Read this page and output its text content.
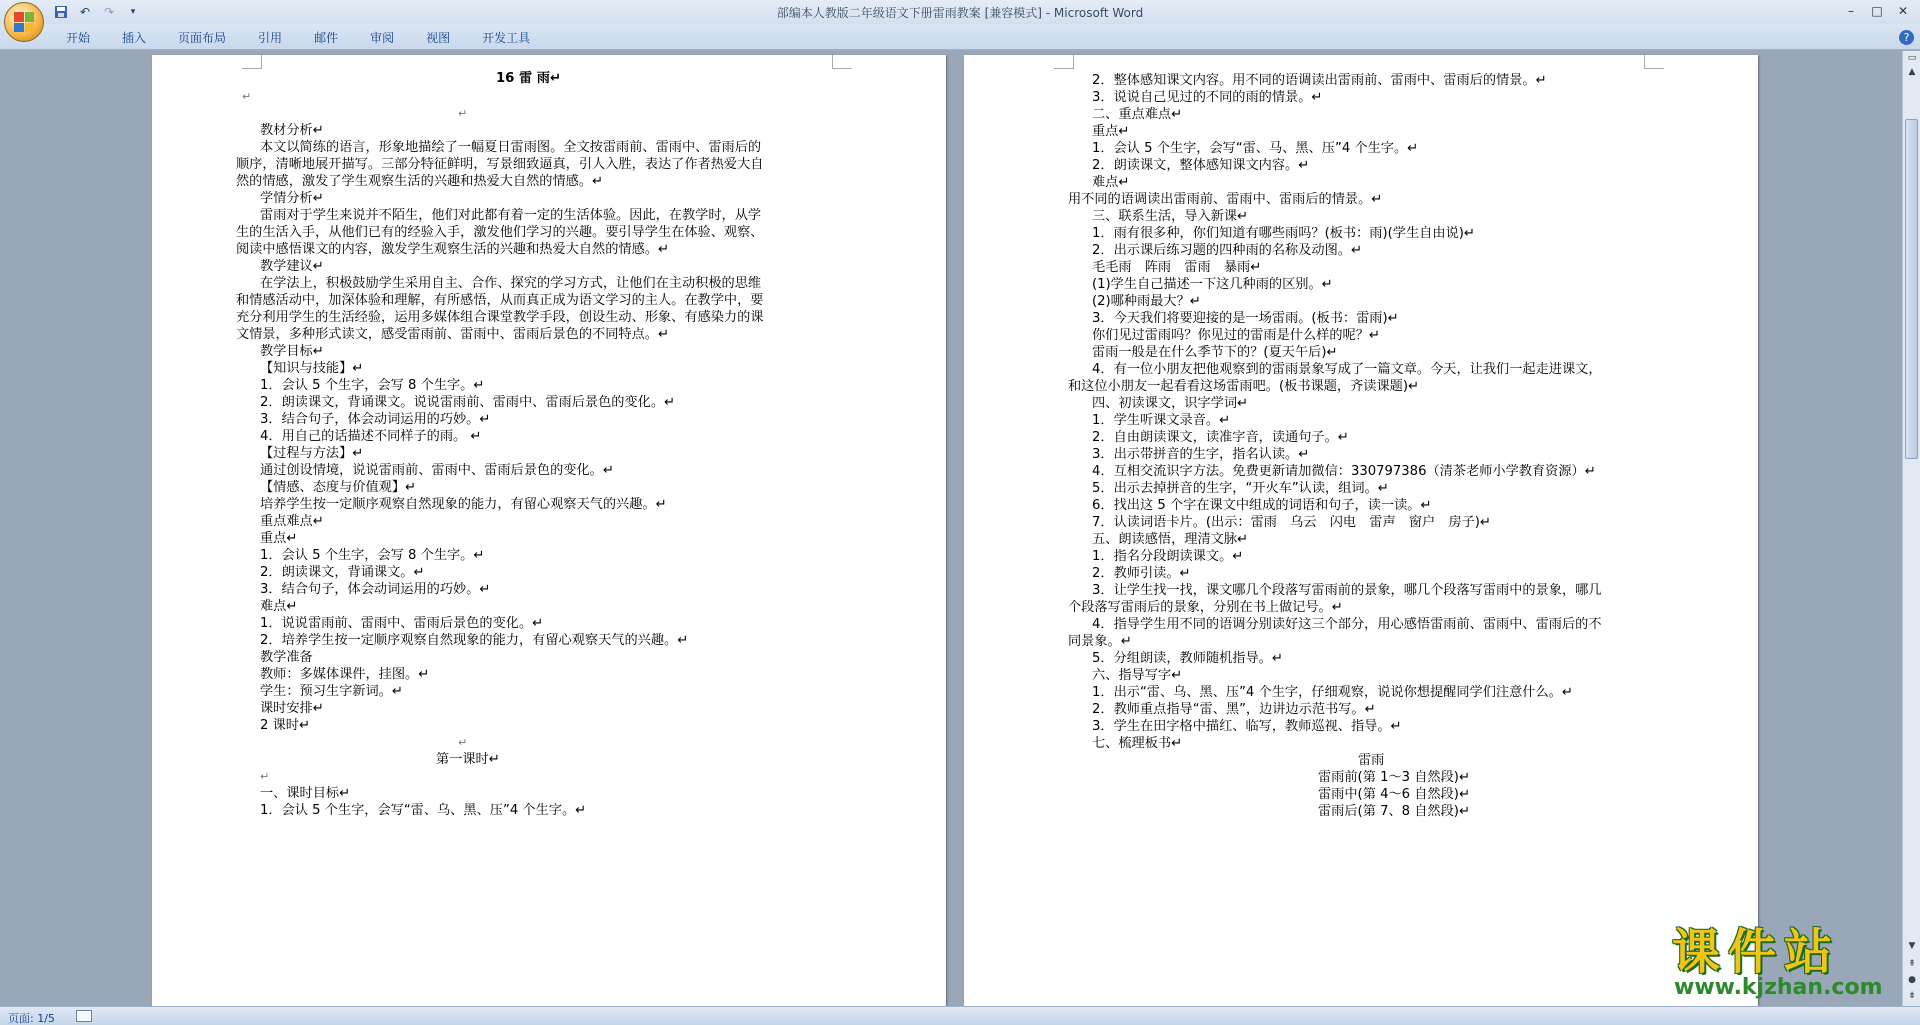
↶	↷	▾	部编本人教版二年级语文下册雷雨教案 [兼容模式] - Microsoft Word	–	□	✕
开始	插入	页面布局	引用	邮件	审阅	视图	开发工具	?
16 雷 雨↵
↵
↵
教材分析↵
本文以简练的语言，形象地描绘了一幅夏日雷雨图。全文按雷雨前、雷雨中、雷雨后的
顺序，清晰地展开描写。三部分特征鲜明，写景细致逼真，引人入胜，表达了作者热爱大自
然的情感，激发了学生观察生活的兴趣和热爱大自然的情感。↵
学情分析↵
雷雨对于学生来说并不陌生，他们对此都有着一定的生活体验。因此，在教学时，从学
生的生活入手，从他们已有的经验入手，激发他们学习的兴趣。要引导学生在体验、观察、
阅读中感悟课文的内容，激发学生观察生活的兴趣和热爱大自然的情感。↵
教学建议↵
在学法上，积极鼓励学生采用自主、合作、探究的学习方式，让他们在主动积极的思维
和情感活动中，加深体验和理解，有所感悟，从而真正成为语文学习的主人。在教学中，要
充分利用学生的生活经验，运用多媒体组合课堂教学手段，创设生动、形象、有感染力的课
文情景，多种形式读文，感受雷雨前、雷雨中、雷雨后景色的不同特点。↵
教学目标↵
【知识与技能】↵
1．会认 5 个生字，会写 8 个生字。↵
2．朗读课文，背诵课文。说说雷雨前、雷雨中、雷雨后景色的变化。↵
3．结合句子，体会动词运用的巧妙。↵
4．用自己的话描述不同样子的雨。 ↵
【过程与方法】↵
通过创设情境，说说雷雨前、雷雨中、雷雨后景色的变化。↵
【情感、态度与价值观】↵
培养学生按一定顺序观察自然现象的能力，有留心观察天气的兴趣。↵
重点难点↵
重点↵
1．会认 5 个生字，会写 8 个生字。↵
2．朗读课文，背诵课文。↵
3．结合句子，体会动词运用的巧妙。↵
难点↵
1．说说雷雨前、雷雨中、雷雨后景色的变化。↵
2．培养学生按一定顺序观察自然现象的能力，有留心观察天气的兴趣。↵
教学准备
教师：多媒体课件，挂图。↵
学生：预习生字新词。↵
课时安排↵
2 课时↵
↵
第一课时↵
↵
一、课时目标↵
1．会认 5 个生字，会写“雷、乌、黑、压”4 个生字。↵
2．整体感知课文内容。用不同的语调读出雷雨前、雷雨中、雷雨后的情景。↵
3．说说自己见过的不同的雨的情景。↵
二、重点难点↵
重点↵
1．会认 5 个生字，会写“雷、马、黑、压”4 个生字。↵
2．朗读课文，整体感知课文内容。↵
难点↵
用不同的语调读出雷雨前、雷雨中、雷雨后的情景。↵
三、联系生活，导入新课↵
1．雨有很多种，你们知道有哪些雨吗？(板书：雨)(学生自由说)↵
2．出示课后练习题的四种雨的名称及动图。↵
毛毛雨　阵雨　雷雨　暴雨↵
(1)学生自己描述一下这几种雨的区别。↵
(2)哪种雨最大？↵
3．今天我们将要迎接的是一场雷雨。(板书：雷雨)↵
你们见过雷雨吗？你见过的雷雨是什么样的呢？↵
雷雨一般是在什么季节下的？(夏天午后)↵
4．有一位小朋友把他观察到的雷雨景象写成了一篇文章。今天，让我们一起走进课文，
和这位小朋友一起看看这场雷雨吧。(板书课题，齐读课题)↵
四、初读课文，识字学词↵
1．学生听课文录音。↵
2．自由朗读课文，读准字音，读通句子。↵
3．出示带拼音的生字，指名认读。↵
4．互相交流识字方法。免费更新请加微信：330797386（清茶老师小学教育资源）↵
5．出示去掉拼音的生字，“开火车”认读，组词。↵
6．找出这 5 个字在课文中组成的词语和句子，读一读。↵
7．认读词语卡片。(出示：雷雨　乌云　闪电　雷声　窗户　房子)↵
五、朗读感悟，理清文脉↵
1．指名分段朗读课文。↵
2．教师引读。↵
3．让学生找一找，课文哪几个段落写雷雨前的景象，哪几个段落写雷雨中的景象，哪几
个段落写雷雨后的景象，分别在书上做记号。↵
4．指导学生用不同的语调分别读好这三个部分，用心感悟雷雨前、雷雨中、雷雨后的不
同景象。↵
5．分组朗读，教师随机指导。↵
六、指导写字↵
1．出示“雷、乌、黑、压”4 个生字，仔细观察，说说你想提醒同学们注意什么。↵
2．教师重点指导“雷、黑”，边讲边示范书写。↵
3．学生在田字格中描红、临写，教师巡视、指导。↵
七、梳理板书↵
雷雨
雷雨前(第 1～3 自然段)↵
雷雨中(第 4～6 自然段)↵
雷雨后(第 7、8 自然段)↵
▭
▲
▼
⇞
●
⇟
页面: 1/5
课件站
www.kjzhan.com
